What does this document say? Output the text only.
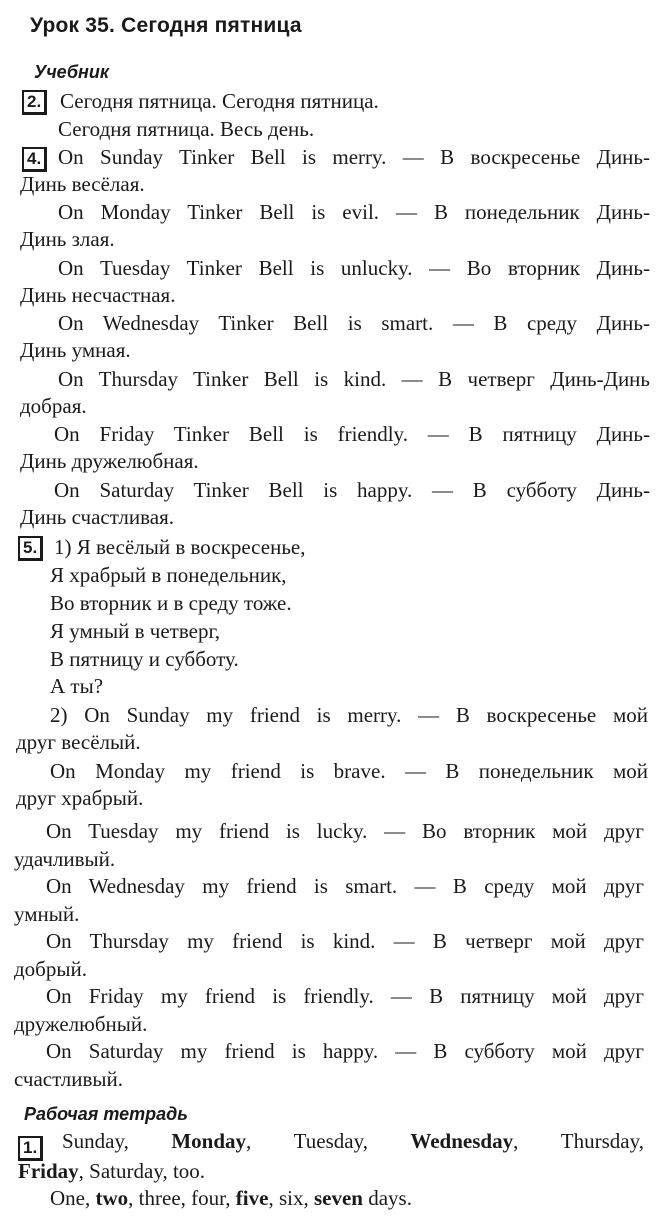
Урок 35. Сегодня пятница
Учебник
2. Сегодня пятница. Сегодня пятница.
Сегодня пятница. Весь день.
4. On Sunday Tinker Bell is merry. — В воскресенье Динь-
Динь весёлая.
On Monday Tinker Bell is evil. — В понедельник Динь-
Динь злая.
On Tuesday Tinker Bell is unlucky. — Во вторник Динь-
Динь несчастная.
On Wednesday Tinker Bell is smart. — В среду Динь-
Динь умная.
On Thursday Tinker Bell is kind. — В четверг Динь-Динь
добрая.
On Friday Tinker Bell is friendly. — В пятницу Динь-
Динь дружелюбная.
On Saturday Tinker Bell is happy. — В субботу Динь-
Динь счастливая.
5. 1) Я весёлый в воскресенье,
Я храбрый в понедельник,
Во вторник и в среду тоже.
Я умный в четверг,
В пятницу и субботу.
А ты?
2) On Sunday my friend is merry. — В воскресенье мой
друг весёлый.
On Monday my friend is brave. — В понедельник мой
друг храбрый.
On Tuesday my friend is lucky. — Во вторник мой друг
удачливый.
On Wednesday my friend is smart. — В среду мой друг
умный.
On Thursday my friend is kind. — В четверг мой друг
добрый.
On Friday my friend is friendly. — В пятницу мой друг
дружелюбный.
On Saturday my friend is happy. — В субботу мой друг
счастливый.
Рабочая тетрадь
1. Sunday, Monday, Tuesday, Wednesday, Thursday,
Friday, Saturday, too.
One, two, three, four, five, six, seven days.
